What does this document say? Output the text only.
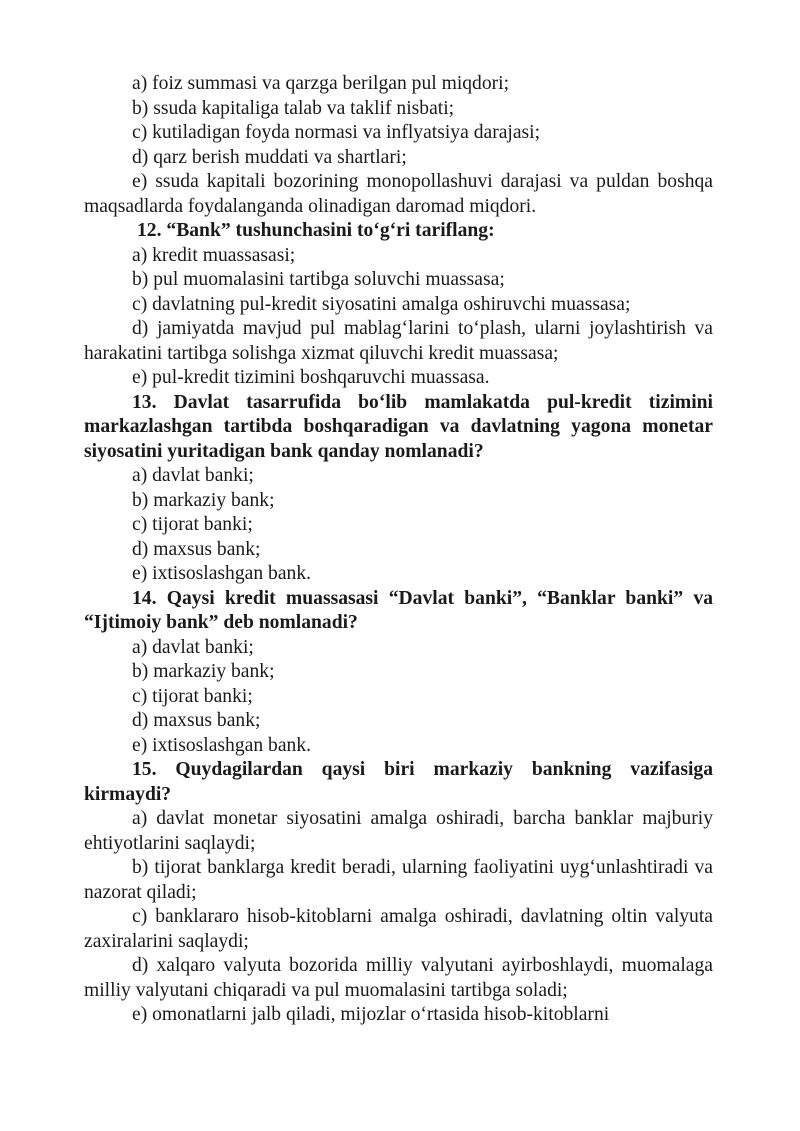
a) foiz summasi va qarzga berilgan pul miqdori;

b) ssuda kapitaliga talab va taklif nisbati;

c) kutiladigan foyda normasi va inflyatsiya darajasi;

d) qarz berish muddati va shartlari;

e) ssuda kapitali bozorining monopollashuvi darajasi va puldan boshqa maqsadlarda foydalanganda olinadigan daromad miqdori.

12. “Bank” tushunchasini to‘g‘ri tariflang:

a) kredit muassasasi;

b) pul muomalasini tartibga soluvchi muassasa;

c) davlatning pul-kredit siyosatini amalga oshiruvchi muassasa;

d) jamiyatda mavjud pul mablag‘larini to‘plash, ularni joylashtirish va harakatini tartibga solishga xizmat qiluvchi kredit muassasa;

e) pul-kredit tizimini boshqaruvchi muassasa.

13. Davlat tasarrufida bo‘lib mamlakatda pul-kredit tizimini markazlashgan tartibda boshqaradigan va davlatning yagona monetar siyosatini yuritadigan bank qanday nomlanadi?

a) davlat banki;

b) markaziy bank;

c) tijorat banki;

d) maxsus bank;

e) ixtisoslashgan bank.

14. Qaysi kredit muassasasi “Davlat banki”, “Banklar banki” va “Ijtimoiy bank” deb nomlanadi?

a) davlat banki;

b) markaziy bank;

c) tijorat banki;

d) maxsus bank;

e) ixtisoslashgan bank.

15. Quydagilardan qaysi biri markaziy bankning vazifasiga kirmaydi?

a) davlat monetar siyosatini amalga oshiradi, barcha banklar majburiy ehtiyotlarini saqlaydi;

b) tijorat banklarga kredit beradi, ularning faoliyatini uyg‘unlashtiradi va nazorat qiladi;

c) banklararo hisob-kitoblarni amalga oshiradi, davlatning oltin valyuta zaxiralarini saqlaydi;

d) xalqaro valyuta bozorida milliy valyutani ayirboshlaydi, muomalaga milliy valyutani chiqaradi va pul muomalasini tartibga soladi;

e) omonatlarni jalb qiladi, mijozlar o‘rtasida hisob-kitoblarni
